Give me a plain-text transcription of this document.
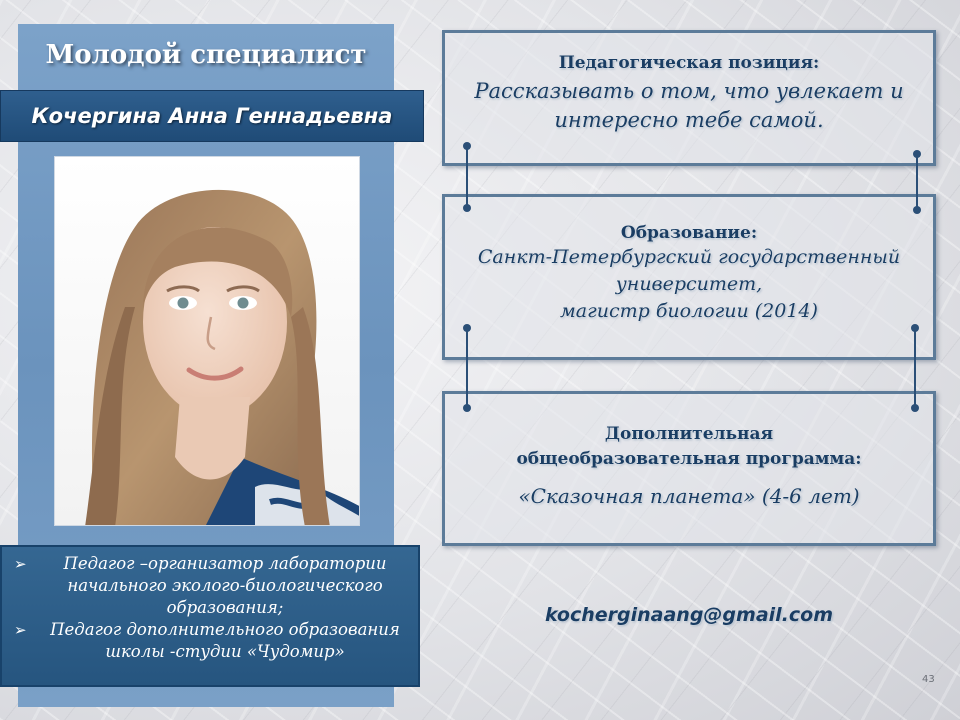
Молодой специалист
Кочергина Анна Геннадьевна
➢ Педагог –организатор лаборатории начального эколого-биологического образования;
➢ Педагог дополнительного образования школы -студии «Чудомир»
Педагогическая позиция:
Рассказывать о том, что увлекает и интересно тебе самой.
Образование:
Санкт-Петербургский государственный
университет,
магистр биологии (2014)
Дополнительная
общеобразовательная программа:
«Сказочная планета» (4-6 лет)
kocherginaang@gmail.com
43
